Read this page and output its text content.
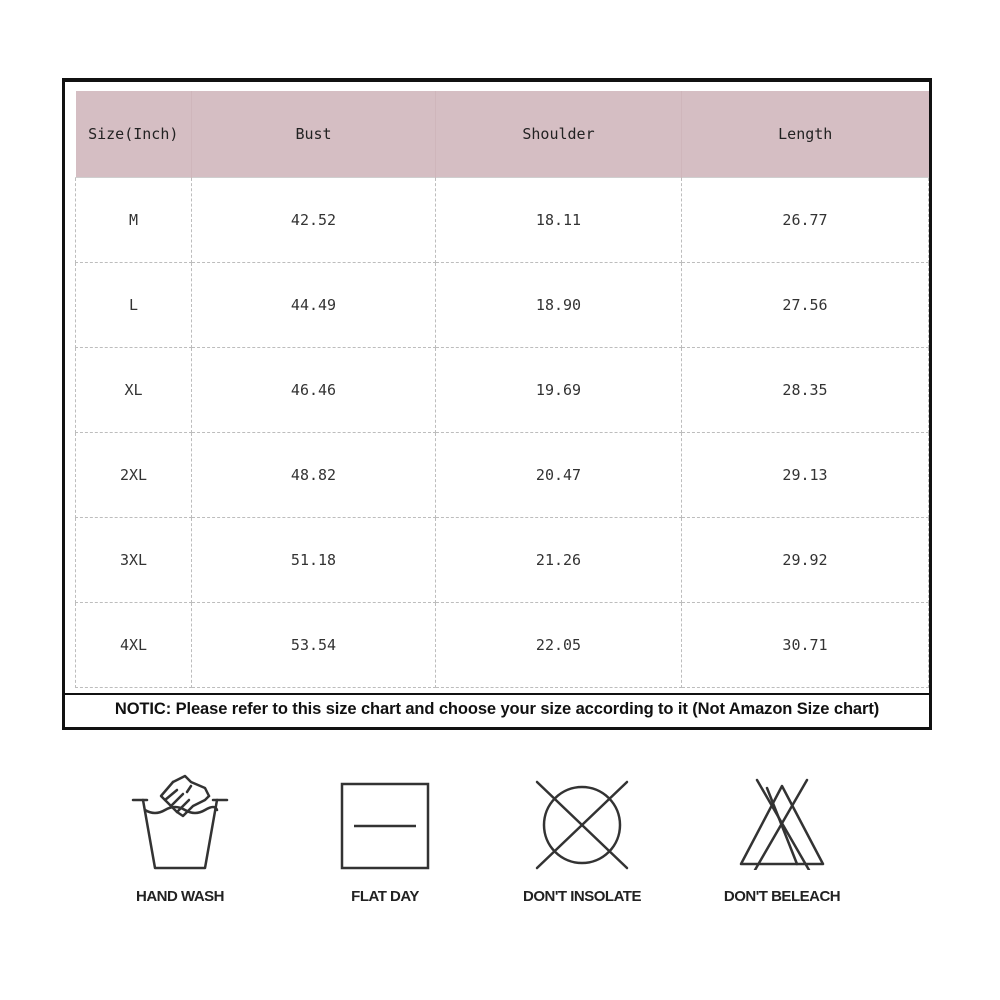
Size(Inch)	Bust	Shoulder	Length
M	42.52	18.11	26.77
L	44.49	18.90	27.56
XL	46.46	19.69	28.35
2XL	48.82	20.47	29.13
3XL	51.18	21.26	29.92
4XL	53.54	22.05	30.71
NOTIC: Please refer to this size chart and choose your size according to it (Not Amazon Size chart)
HAND WASH	FLAT DAY	DON'T INSOLATE	DON'T BELEACH
